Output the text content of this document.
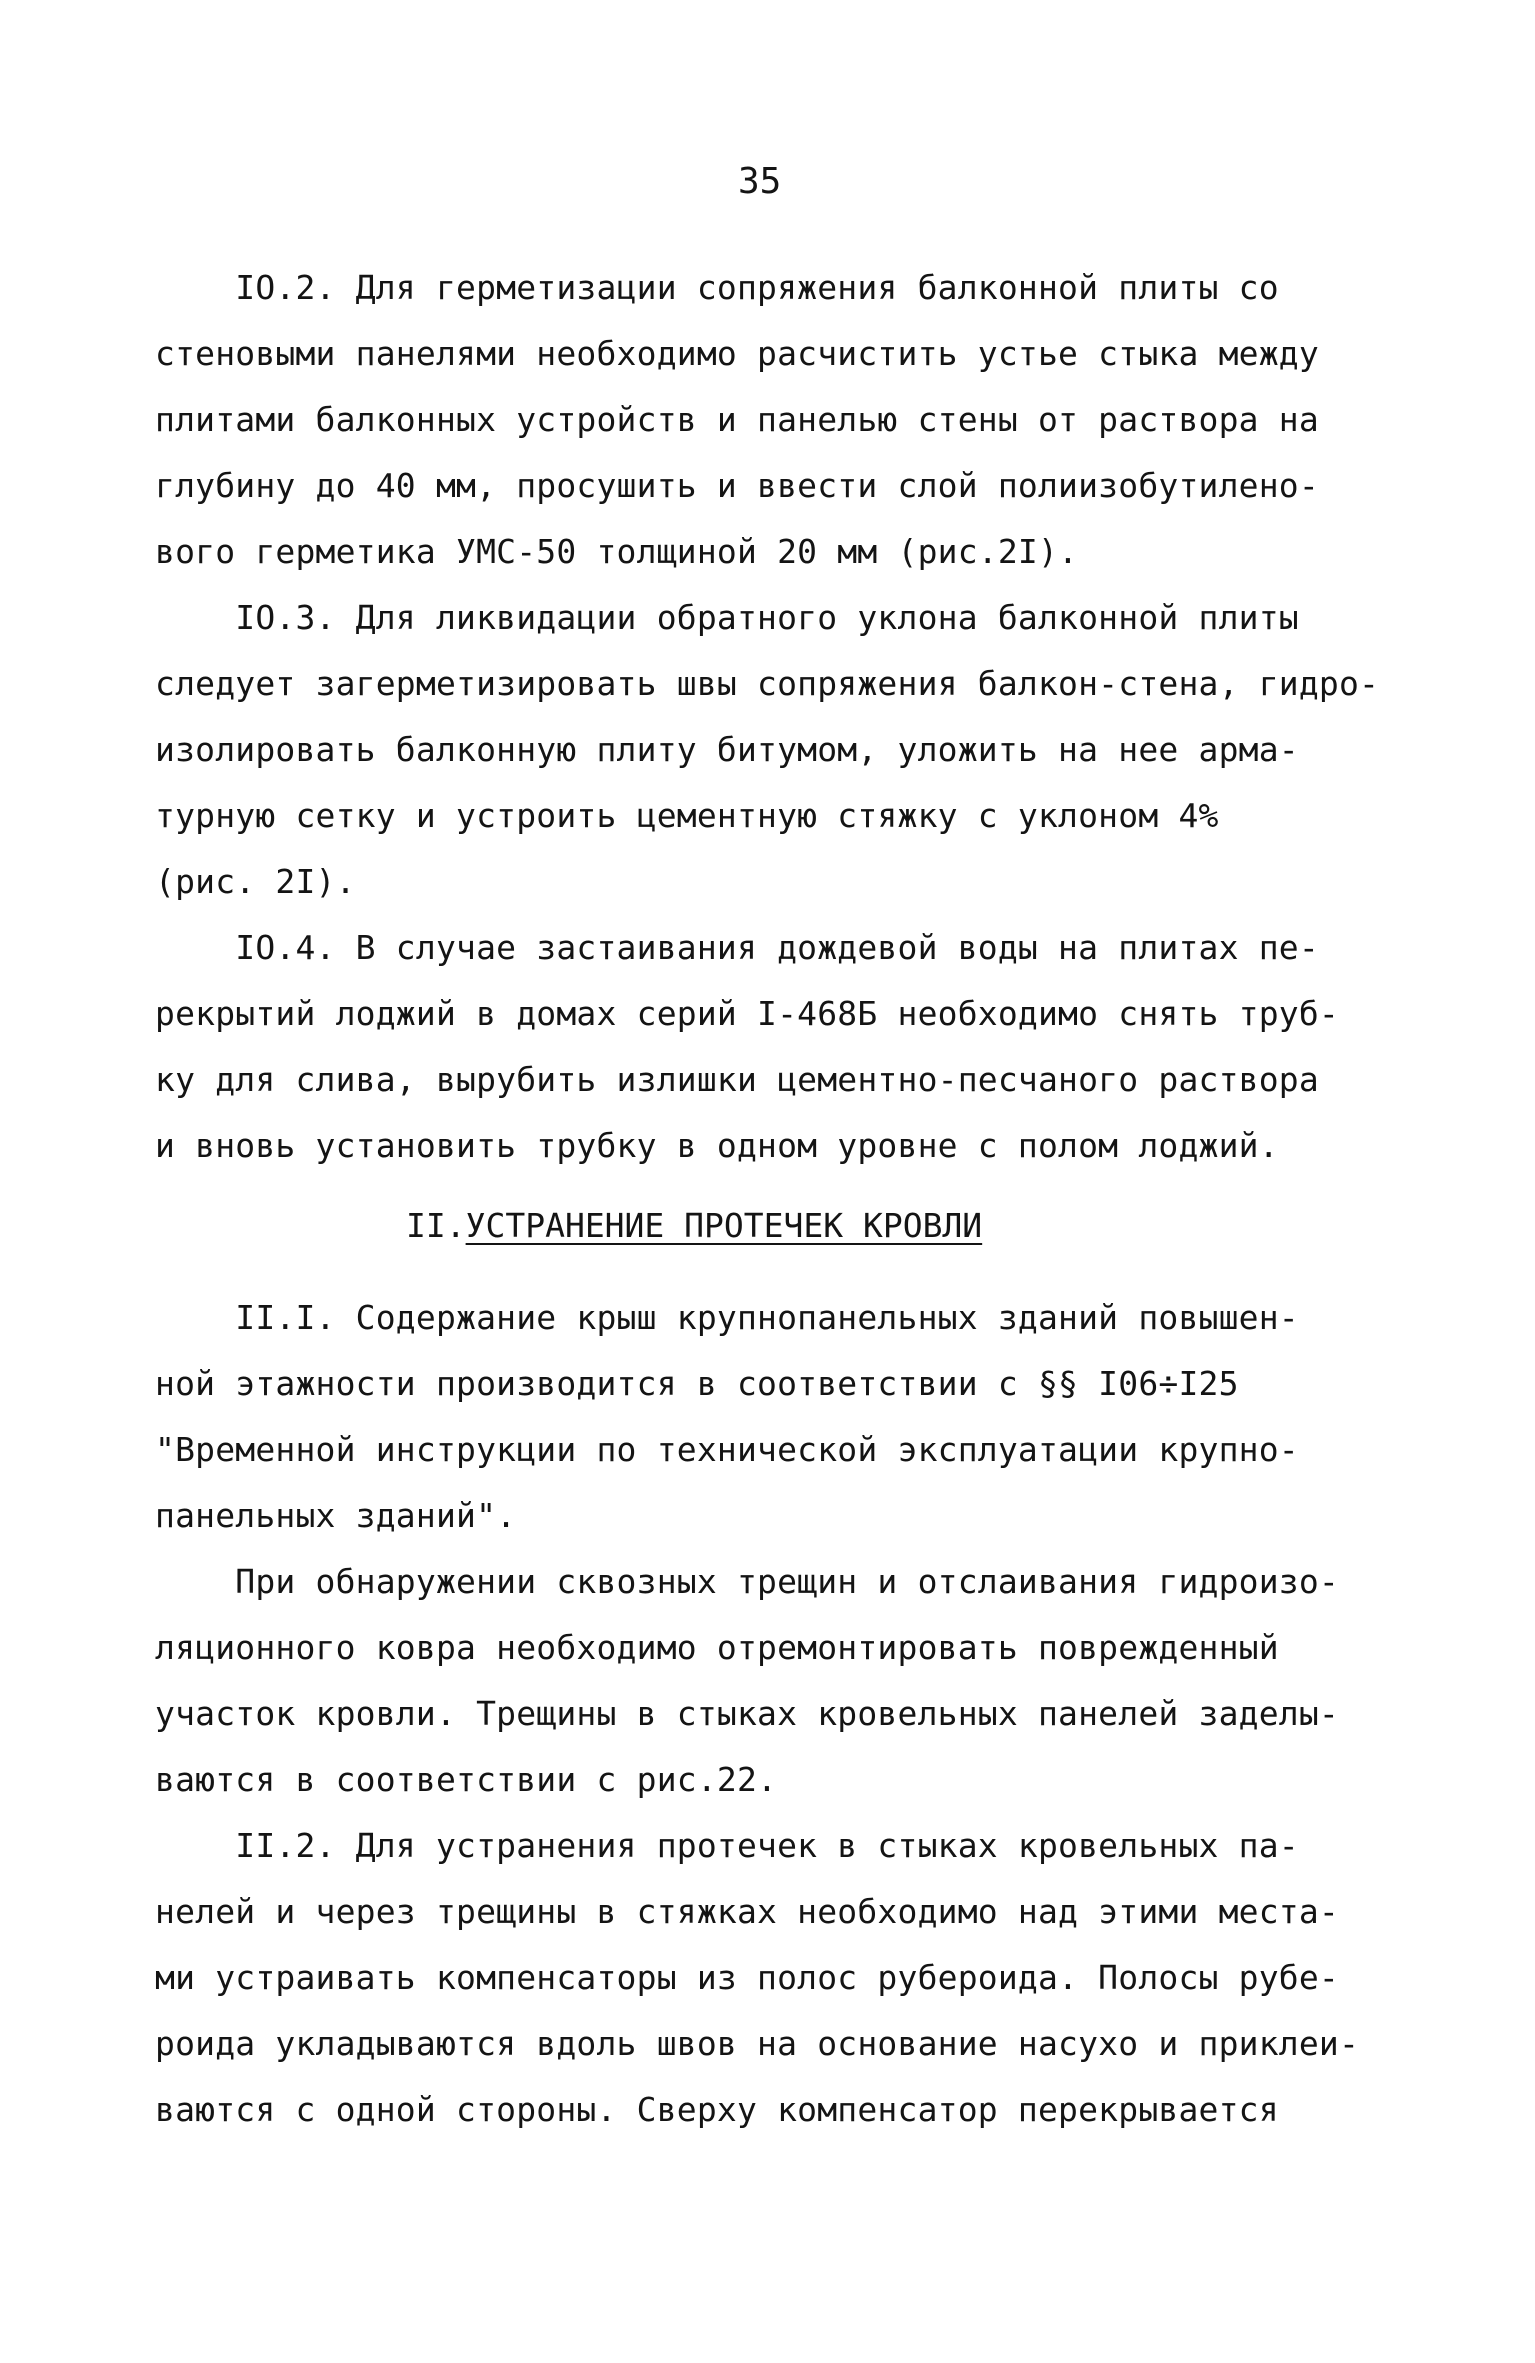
35
IO.2. Для герметизации сопряжения балконной плиты со
стеновыми панелями необходимо расчистить устье стыка между
плитами балконных устройств и панелью стены от раствора на
глубину до 40 мм, просушить и ввести слой полиизобутилено-
вого герметика УМС-50 толщиной 20 мм (рис.2I).
IO.3. Для ликвидации обратного уклона балконной плиты
следует загерметизировать швы сопряжения балкон-стена, гидро-
изолировать балконную плиту битумом, уложить на нее арма-
турную сетку и устроить цементную стяжку с уклоном 4%
(рис. 2I).
IO.4. В случае застаивания дождевой воды на плитах пе-
рекрытий лоджий в домах серий I-468Б необходимо снять труб-
ку для слива, вырубить излишки цементно-песчаного раствора
и вновь установить трубку в одном уровне с полом лоджий.
II.УСТРАНЕНИЕ ПРОТЕЧЕК КРОВЛИ
II.I. Содержание крыш крупнопанельных зданий повышен-
ной этажности производится в соответствии с §§ I06÷I25
"Временной инструкции по технической эксплуатации крупно-
панельных зданий".
При обнаружении сквозных трещин и отслаивания гидроизо-
ляционного ковра необходимо отремонтировать поврежденный
участок кровли. Трещины в стыках кровельных панелей заделы-
ваются в соответствии с рис.22.
II.2. Для устранения протечек в стыках кровельных па-
нелей и через трещины в стяжках необходимо над этими места-
ми устраивать компенсаторы из полос рубероида. Полосы рубе-
роида укладываются вдоль швов на основание насухо и приклеи-
ваются с одной стороны. Сверху компенсатор перекрывается
